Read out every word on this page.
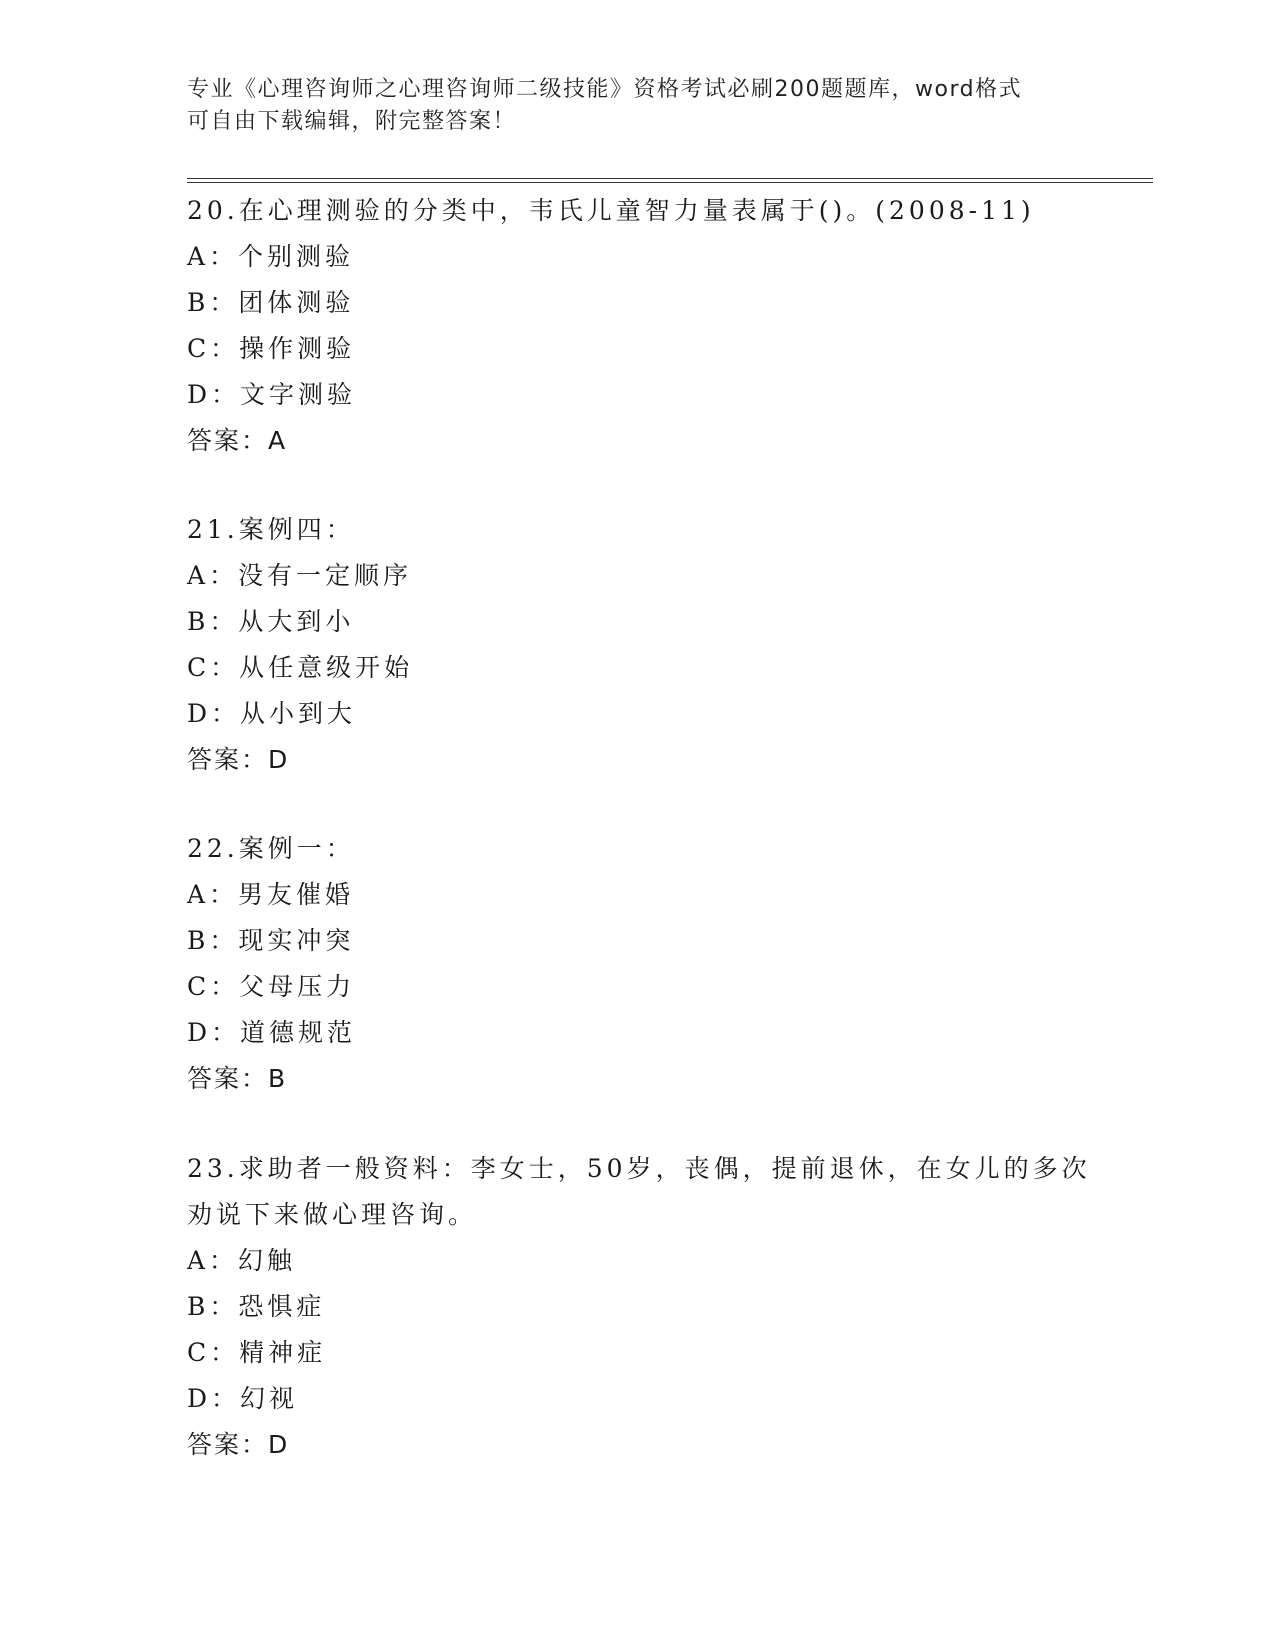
专业《心理咨询师之心理咨询师二级技能》资格考试必刷200题题库，word格式
可自由下载编辑，附完整答案！
20.在心理测验的分类中，韦氏儿童智力量表属于()。(2008-11)
A：个别测验
B：团体测验
C：操作测验
D：文字测验
答案：A
21.案例四：
A：没有一定顺序
B：从大到小
C：从任意级开始
D：从小到大
答案：D
22.案例一：
A：男友催婚
B：现实冲突
C：父母压力
D：道德规范
答案：B
23.求助者一般资料：李女士，50岁，丧偶，提前退休，在女儿的多次
劝说下来做心理咨询。
A：幻触
B：恐惧症
C：精神症
D：幻视
答案：D
